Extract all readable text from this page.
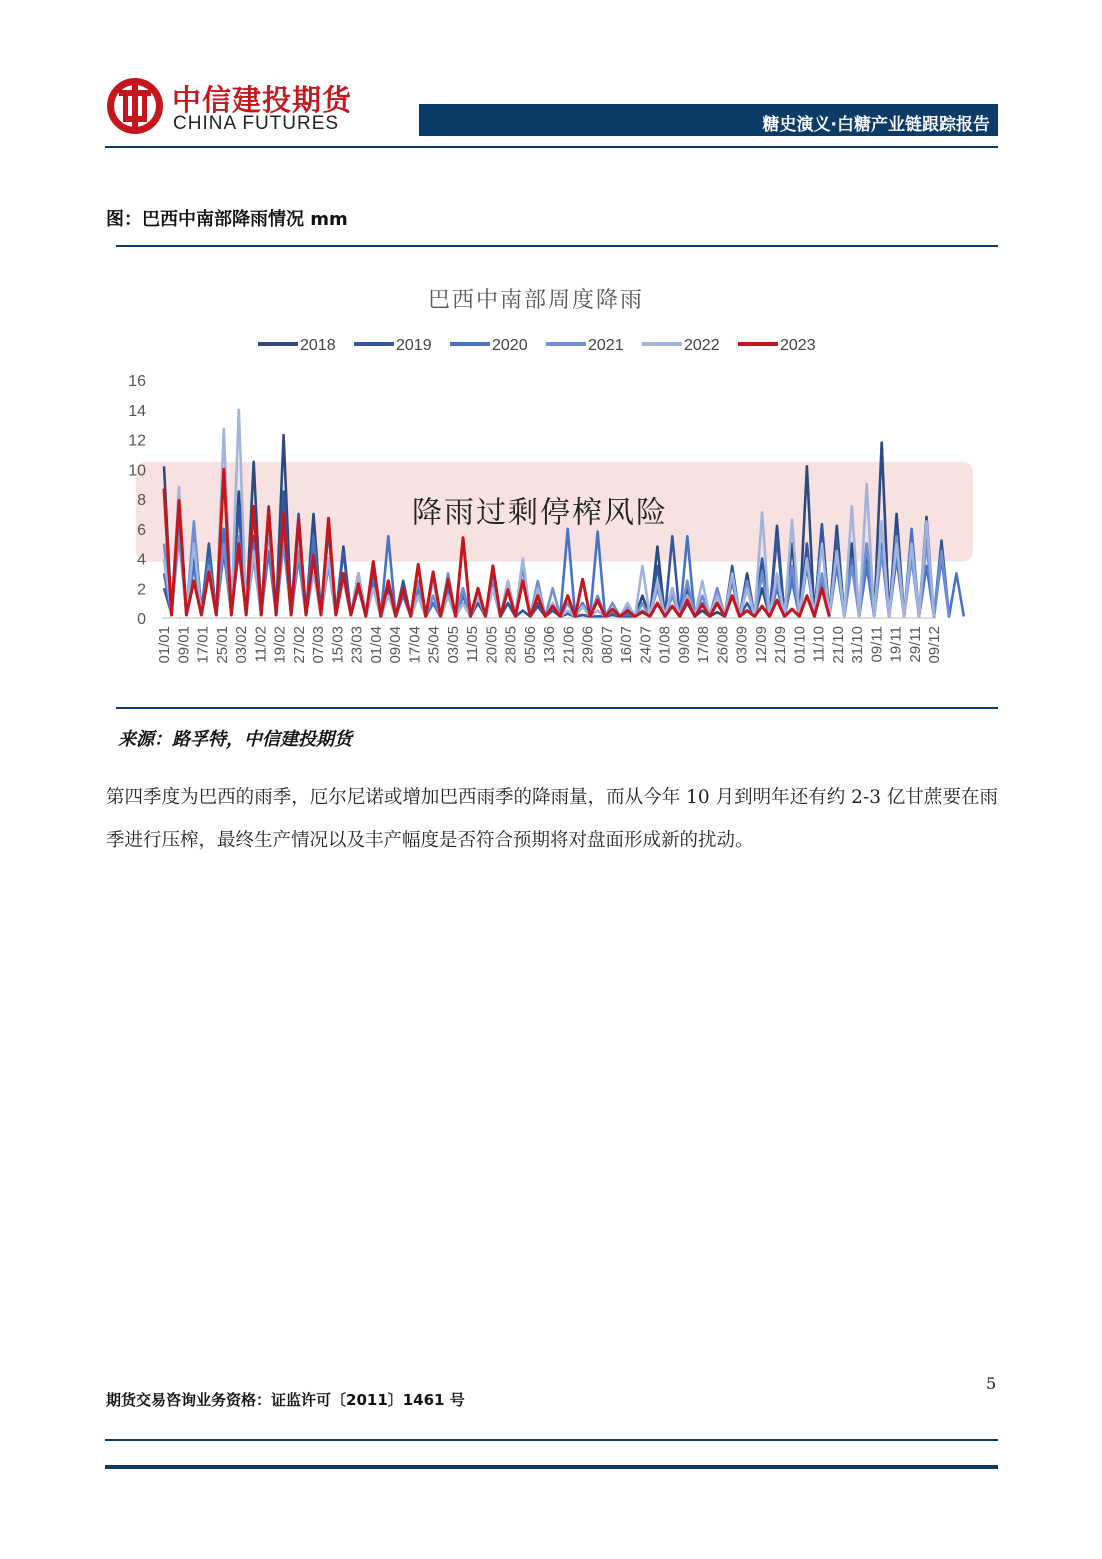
中信建投期货
CHINA FUTURES	糖史演义·白糖产业链跟踪报告
图：巴西中南部降雨情况 mm
巴西中南部周度降雨
2018	2019	2020	2021	2022	2023
降雨过剩停榨风险
0
2
4
6
8
10
12
14
16
01/01 09/01 17/01 25/01 03/02 11/02 19/02 27/02 07/03 15/03 23/03 01/04 09/04 17/04 25/04 03/05 11/05 20/05 28/05 05/06 13/06 21/06 29/06 08/07 16/07 24/07 01/08 09/08 17/08 26/08 03/09 12/09 21/09 01/10 11/10 21/10 31/10 09/11 19/11 29/11 09/12
来源：路孚特，中信建投期货
第四季度为巴西的雨季，厄尔尼诺或增加巴西雨季的降雨量，而从今年 10 月到明年还有约 2-3 亿甘蔗要在雨季进行压榨，最终生产情况以及丰产幅度是否符合预期将对盘面形成新的扰动。
5
期货交易咨询业务资格：证监许可〔2011〕1461 号
